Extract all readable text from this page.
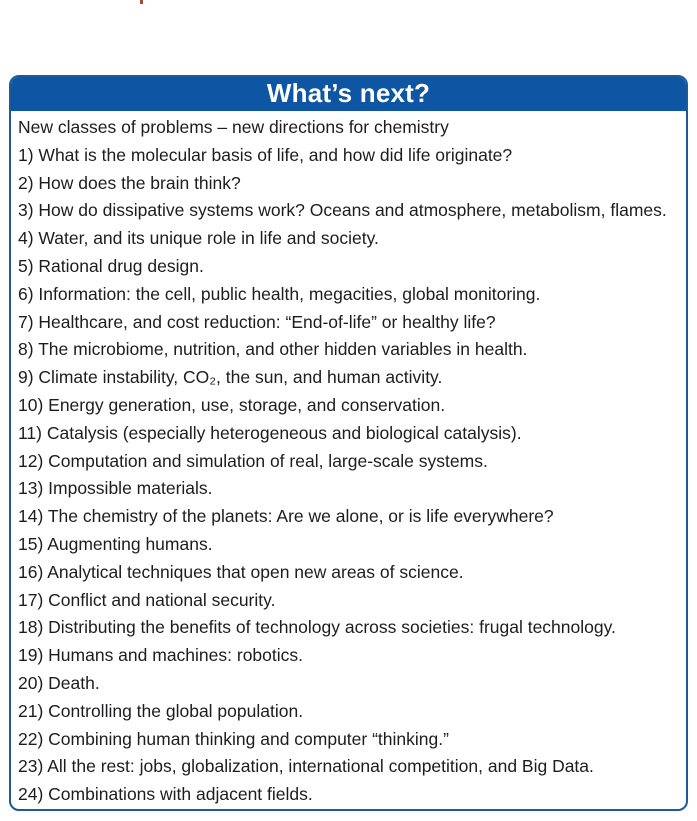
What’s next?
New classes of problems – new directions for chemistry
1) What is the molecular basis of life, and how did life originate?
2) How does the brain think?
3) How do dissipative systems work? Oceans and atmosphere, metabolism, flames.
4) Water, and its unique role in life and society.
5) Rational drug design.
6) Information: the cell, public health, megacities, global monitoring.
7) Healthcare, and cost reduction: “End-of-life” or healthy life?
8) The microbiome, nutrition, and other hidden variables in health.
9) Climate instability, CO₂, the sun, and human activity.
10) Energy generation, use, storage, and conservation.
11) Catalysis (especially heterogeneous and biological catalysis).
12) Computation and simulation of real, large-scale systems.
13) Impossible materials.
14) The chemistry of the planets: Are we alone, or is life everywhere?
15) Augmenting humans.
16) Analytical techniques that open new areas of science.
17) Conflict and national security.
18) Distributing the benefits of technology across societies: frugal technology.
19) Humans and machines: robotics.
20) Death.
21) Controlling the global population.
22) Combining human thinking and computer “thinking.”
23) All the rest: jobs, globalization, international competition, and Big Data.
24) Combinations with adjacent fields.
